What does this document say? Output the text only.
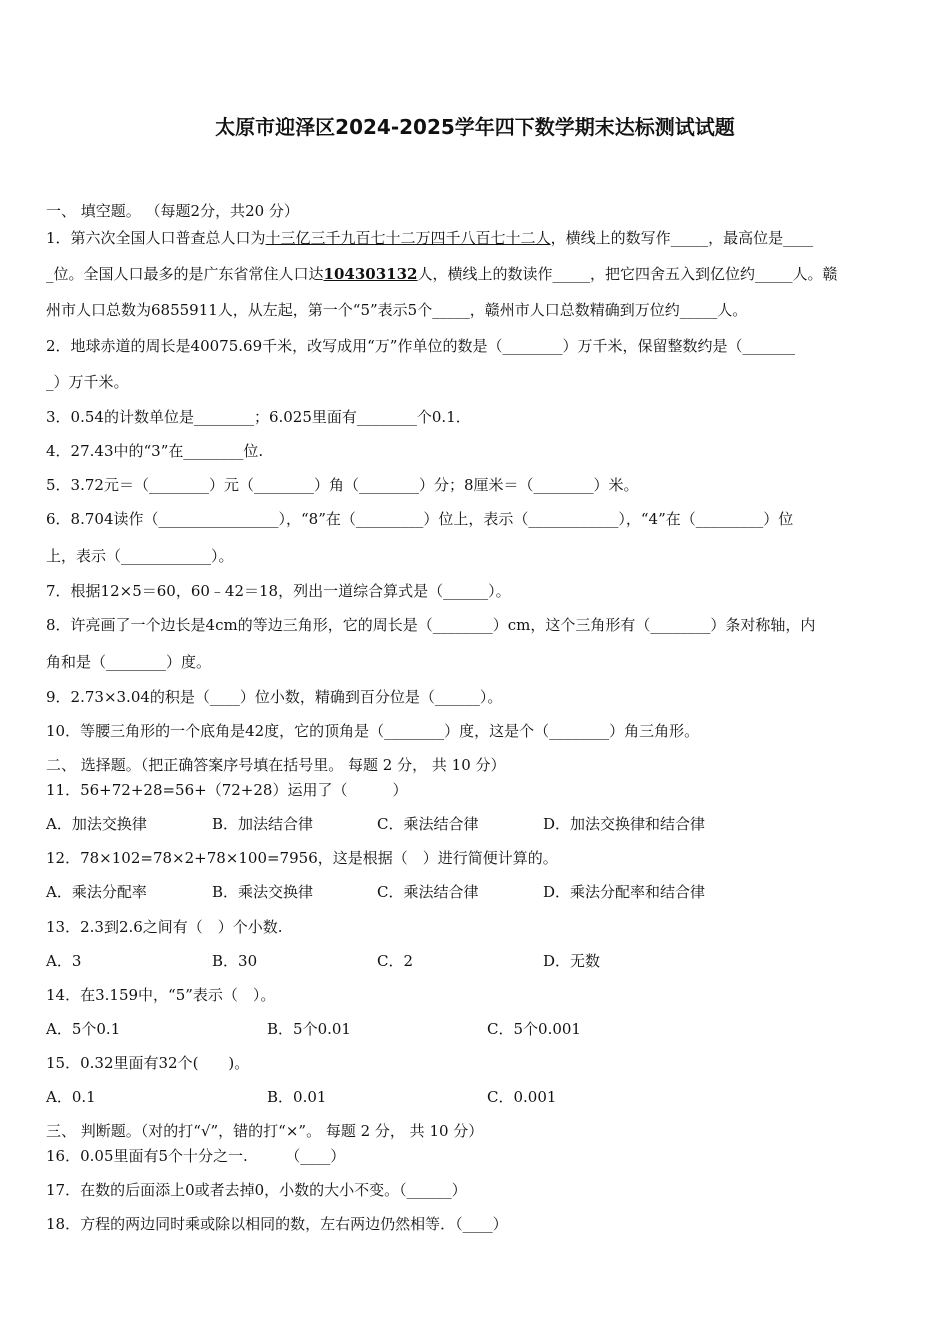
太原市迎泽区2024-2025学年四下数学期末达标测试试题
一、 填空题。 （每题2分，共20 分）
1．第六次全国人口普查总人口为十三亿三千九百七十二万四千八百七十二人，横线上的数写作_____，最高位是____
_位。全国人口最多的是广东省常住人口达104303132人，横线上的数读作_____，把它四舍五入到亿位约_____人。赣
州市人口总数为6855911人，从左起，第一个“5”表示5个_____，赣州市人口总数精确到万位约_____人。
2．地球赤道的周长是40075.69千米，改写成用“万”作单位的数是（________）万千米，保留整数约是（_______
_）万千米。
3．0.54的计数单位是________；6.025里面有________个0.1．
4．27.43中的“3”在________位.
5．3.72元＝（________）元（________）角（________）分；8厘米＝（________）米。
6．8.704读作（________________），“8”在（_________）位上，表示（____________），“4”在（_________）位
上，表示（____________）。
7．根据12×5＝60，60﹣42＝18，列出一道综合算式是（______）。
8．许亮画了一个边长是4cm的等边三角形，它的周长是（________）cm，这个三角形有（________）条对称轴，内
角和是（________）度。
9．2.73×3.04的积是（____）位小数，精确到百分位是（______）。
10．等腰三角形的一个底角是42度，它的顶角是（________）度，这是个（________）角三角形。
二、 选择题。（把正确答案序号填在括号里。 每题 2 分， 共 10 分）
11．56+72+28=56+（72+28）运用了（　　　）
A．加法交换律	B．加法结合律	C．乘法结合律	D．加法交换律和结合律
12．78×102=78×2+78×100=7956，这是根据（　）进行简便计算的。
A．乘法分配率	B．乘法交换律	C．乘法结合律	D．乘法分配率和结合律
13．2.3到2.6之间有（　）个小数.
A．3	B．30	C．2	D．无数
14．在3.159中，“5”表示（　）。
A．5个0.1	B．5个0.01	C．5个0.001
15．0.32里面有32个(　　)。
A．0.1	B．0.01	C．0.001
三、 判断题。（对的打“√”，错的打“×”。 每题 2 分， 共 10 分）
16．0.05里面有5个十分之一.　　　（____）
17．在数的后面添上0或者去掉0，小数的大小不变。（______）
18．方程的两边同时乘或除以相同的数，左右两边仍然相等．（____）
